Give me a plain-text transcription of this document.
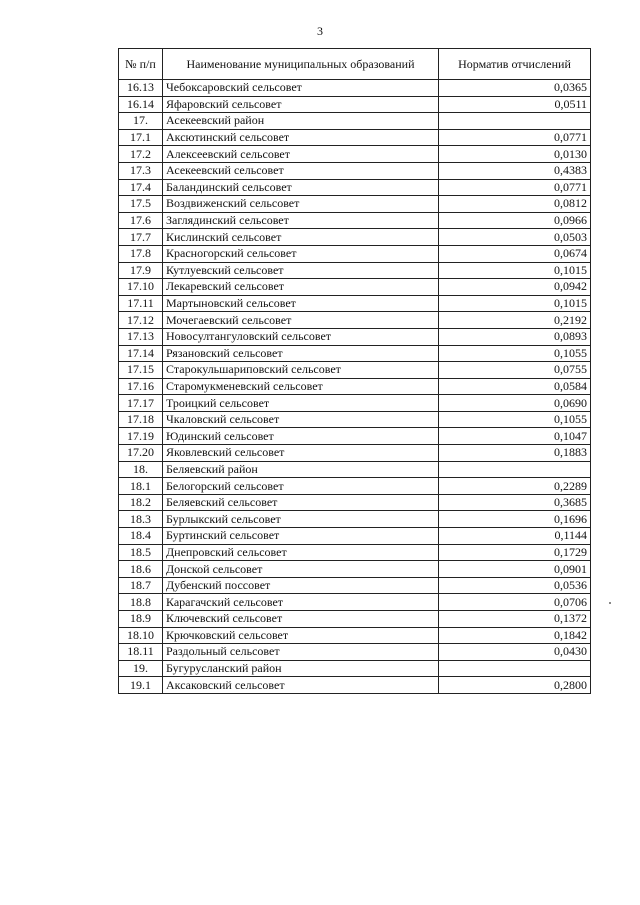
3
№ п/п	Наименование муниципальных образований	Норматив отчислений
16.13	Чебоксаровский сельсовет	0,0365
16.14	Яфаровский сельсовет	0,0511
17.	Асекеевский район	
17.1	Аксютинский сельсовет	0,0771
17.2	Алексеевский сельсовет	0,0130
17.3	Асекеевский сельсовет	0,4383
17.4	Баландинский сельсовет	0,0771
17.5	Воздвиженский сельсовет	0,0812
17.6	Заглядинский сельсовет	0,0966
17.7	Кислинский сельсовет	0,0503
17.8	Красногорский сельсовет	0,0674
17.9	Кутлуевский сельсовет	0,1015
17.10	Лекаревский сельсовет	0,0942
17.11	Мартыновский сельсовет	0,1015
17.12	Мочегаевский сельсовет	0,2192
17.13	Новосултангуловский сельсовет	0,0893
17.14	Рязановский сельсовет	0,1055
17.15	Старокульшариповский сельсовет	0,0755
17.16	Старомукменевский сельсовет	0,0584
17.17	Троицкий сельсовет	0,0690
17.18	Чкаловский сельсовет	0,1055
17.19	Юдинский сельсовет	0,1047
17.20	Яковлевский сельсовет	0,1883
18.	Беляевский район	
18.1	Белогорский сельсовет	0,2289
18.2	Беляевский сельсовет	0,3685
18.3	Бурлыкский сельсовет	0,1696
18.4	Буртинский сельсовет	0,1144
18.5	Днепровский сельсовет	0,1729
18.6	Донской сельсовет	0,0901
18.7	Дубенский поссовет	0,0536
18.8	Карагачский сельсовет	0,0706
18.9	Ключевский сельсовет	0,1372
18.10	Крючковский сельсовет	0,1842
18.11	Раздольный сельсовет	0,0430
19.	Бугурусланский район	
19.1	Аксаковский сельсовет	0,2800
